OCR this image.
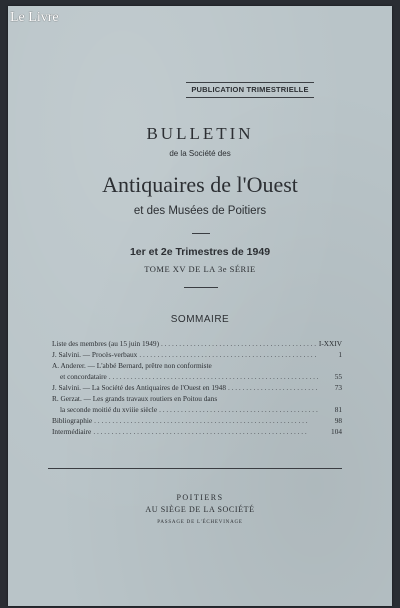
Le Livre
PUBLICATION TRIMESTRIELLE
BULLETIN
de la Société des
Antiquaires de l'Ouest
et des Musées de Poitiers
1er et 2e Trimestres de 1949
TOME XV DE LA 3e SÉRIE
SOMMAIRE
Liste des membres (au 15 juin 1949) . . .	I-XXIV
J. Salvini. — Procès-verbaux . . .	1
A. Anderer. — L'abbé Bernard, prêtre non conformiste
et concordataire . . .	55
J. Salvini. — La Société des Antiquaires de l'Ouest en 1948 . . .	73
R. Gerzat. — Les grands travaux routiers en Poitou dans
la seconde moitié du xviiie siècle . . .	81
Bibliographie . . .	98
Intermédiaire . . .	104
POITIERS
AU SIÈGE DE LA SOCIÉTÉ
PASSAGE DE L'ÉCHEVINAGE
